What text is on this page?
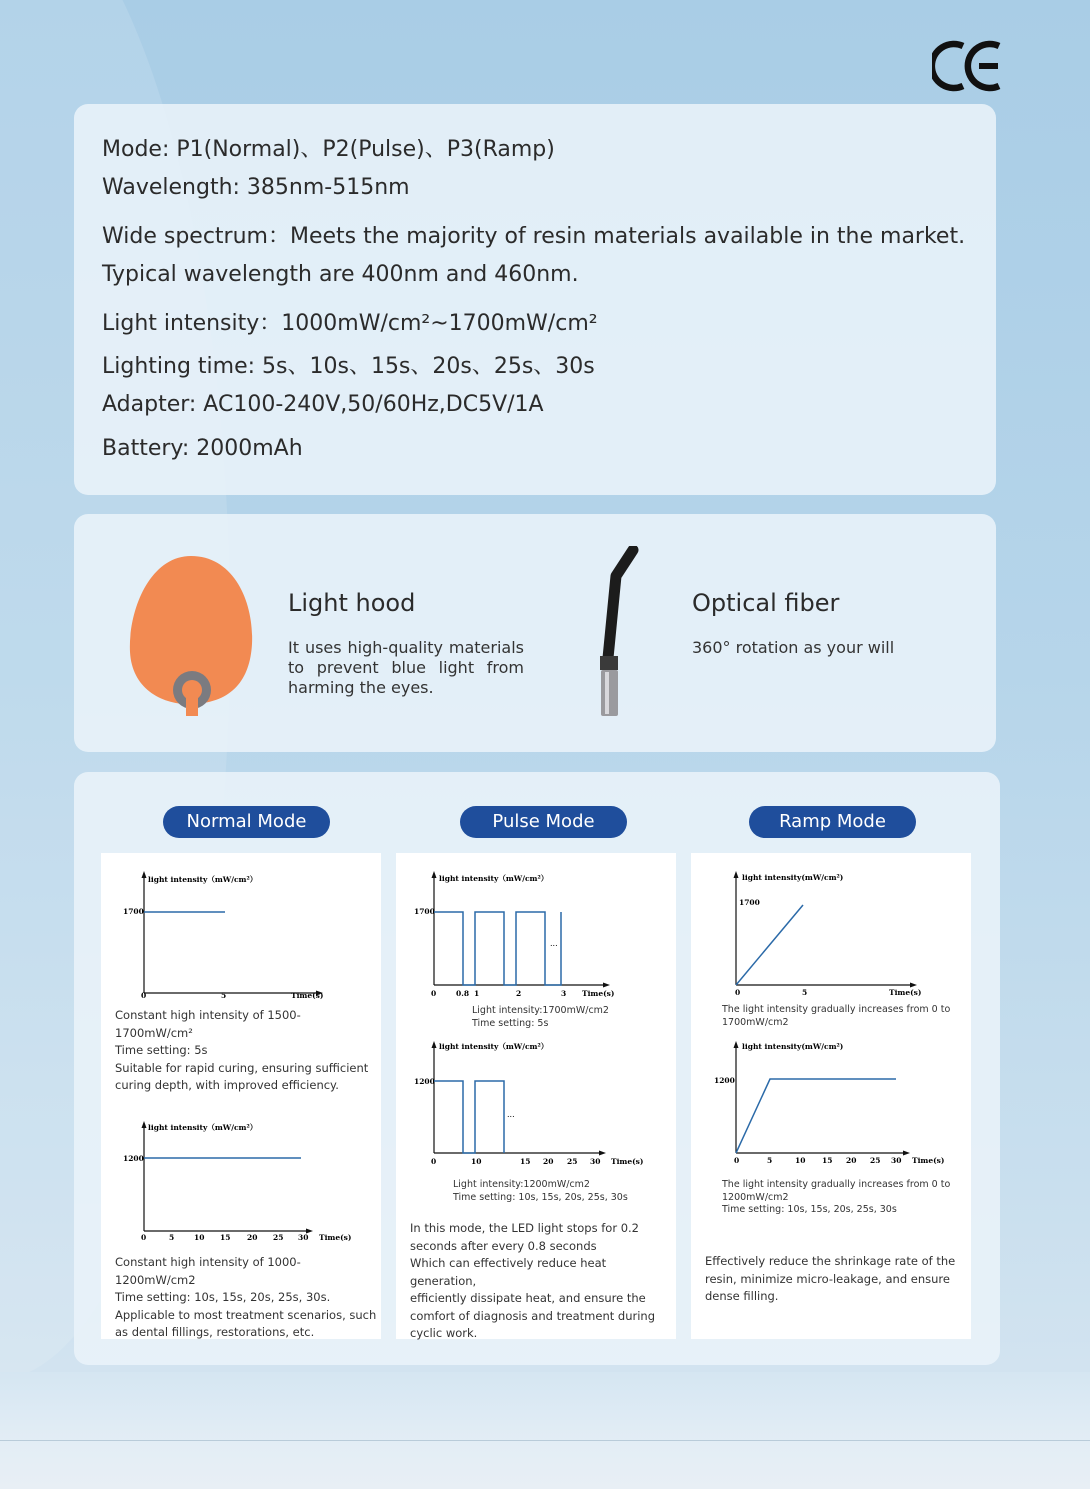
Mode: P1(Normal)、P2(Pulse)、P3(Ramp)
Wavelength: 385nm-515nm
Wide spectrum：Meets the majority of resin materials available in the market.
Typical wavelength are 400nm and 460nm.
Light intensity：1000mW/cm²~1700mW/cm²
Lighting time: 5s、10s、15s、20s、25s、30s
Adapter: AC100-240V,50/60Hz,DC5V/1A
Battery: 2000mAh
Light hood
It uses high-quality materials to prevent blue light from harming the eyes.
Optical fiber
360° rotation as your will
Normal Mode	Pulse Mode	Ramp Mode
light intensity（mW/cm²）
1700
0	5	Time(s)
Constant high intensity of 1500-1700mW/cm²
Time setting: 5s
Suitable for rapid curing, ensuring sufficient
curing depth, with improved efficiency.
light intensity（mW/cm²）
1200
0	5	10 15 20 25 30 Time(s)
Constant high intensity of 1000-1200mW/cm2
Time setting: 10s, 15s, 20s, 25s, 30s.
Applicable to most treatment scenarios, such
as dental fillings, restorations, etc.
light intensity（mW/cm²）
1700
0	0.8 1	2	3 Time(s)
...
Light intensity:1700mW/cm2
Time setting: 5s
light intensity（mW/cm²）
1200
0	10	15 20 25 30 Time(s)
...
Light intensity:1200mW/cm2
Time setting: 10s, 15s, 20s, 25s, 30s
In this mode, the LED light stops for 0.2
seconds after every 0.8 seconds
Which can effectively reduce heat generation,
efficiently dissipate heat, and ensure the
comfort of diagnosis and treatment during
cyclic work.
light intensity(mW/cm²)
1700
0	5	Time(s)
The light intensity gradually increases from 0 to
1700mW/cm2
light intensity(mW/cm²)
1200
0	5	10 15 20 25 30 Time(s)
The light intensity gradually increases from 0 to
1200mW/cm2
Time setting: 10s, 15s, 20s, 25s, 30s
Effectively reduce the shrinkage rate of the
resin, minimize micro-leakage, and ensure
dense filling.
